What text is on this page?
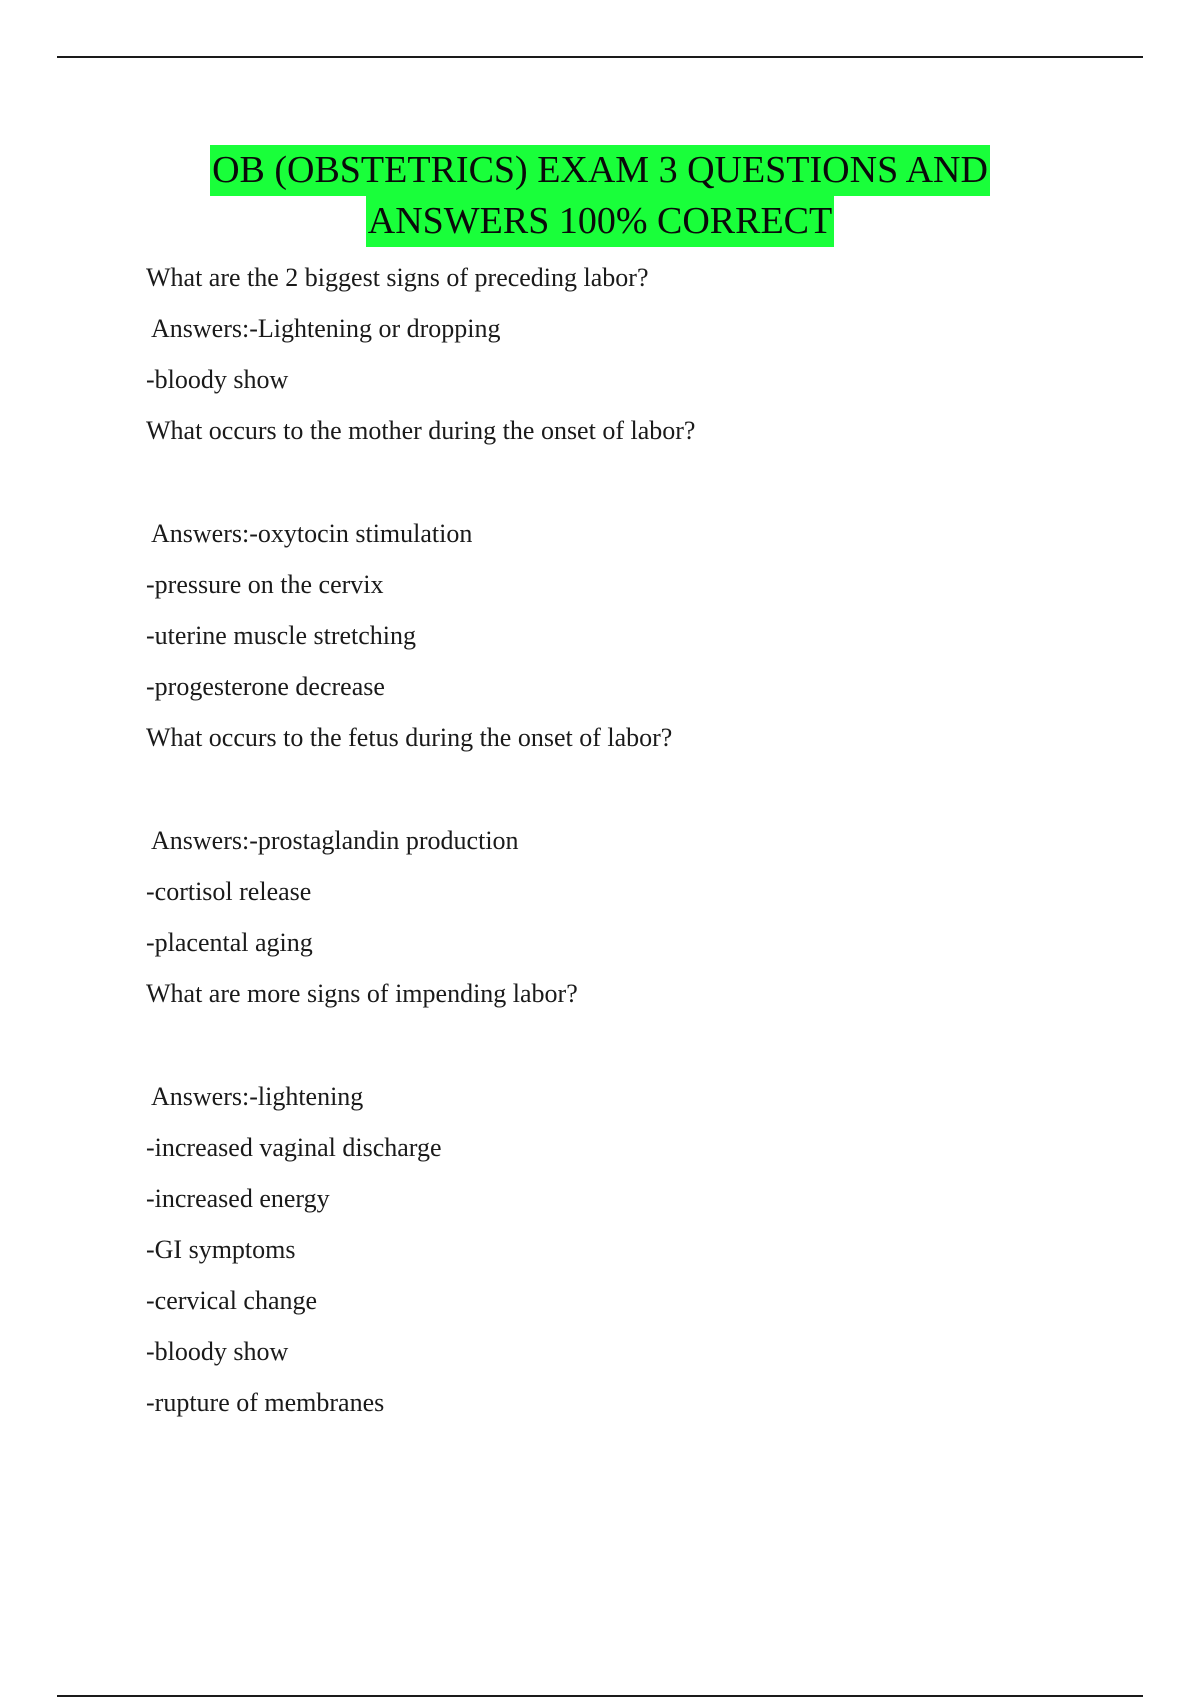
OB (OBSTETRICS) EXAM 3 QUESTIONS AND
ANSWERS 100% CORRECT
What are the 2 biggest signs of preceding labor?
Answers:-Lightening or dropping
-bloody show
What occurs to the mother during the onset of labor?
Answers:-oxytocin stimulation
-pressure on the cervix
-uterine muscle stretching
-progesterone decrease
What occurs to the fetus during the onset of labor?
Answers:-prostaglandin production
-cortisol release
-placental aging
What are more signs of impending labor?
Answers:-lightening
-increased vaginal discharge
-increased energy
-GI symptoms
-cervical change
-bloody show
-rupture of membranes
